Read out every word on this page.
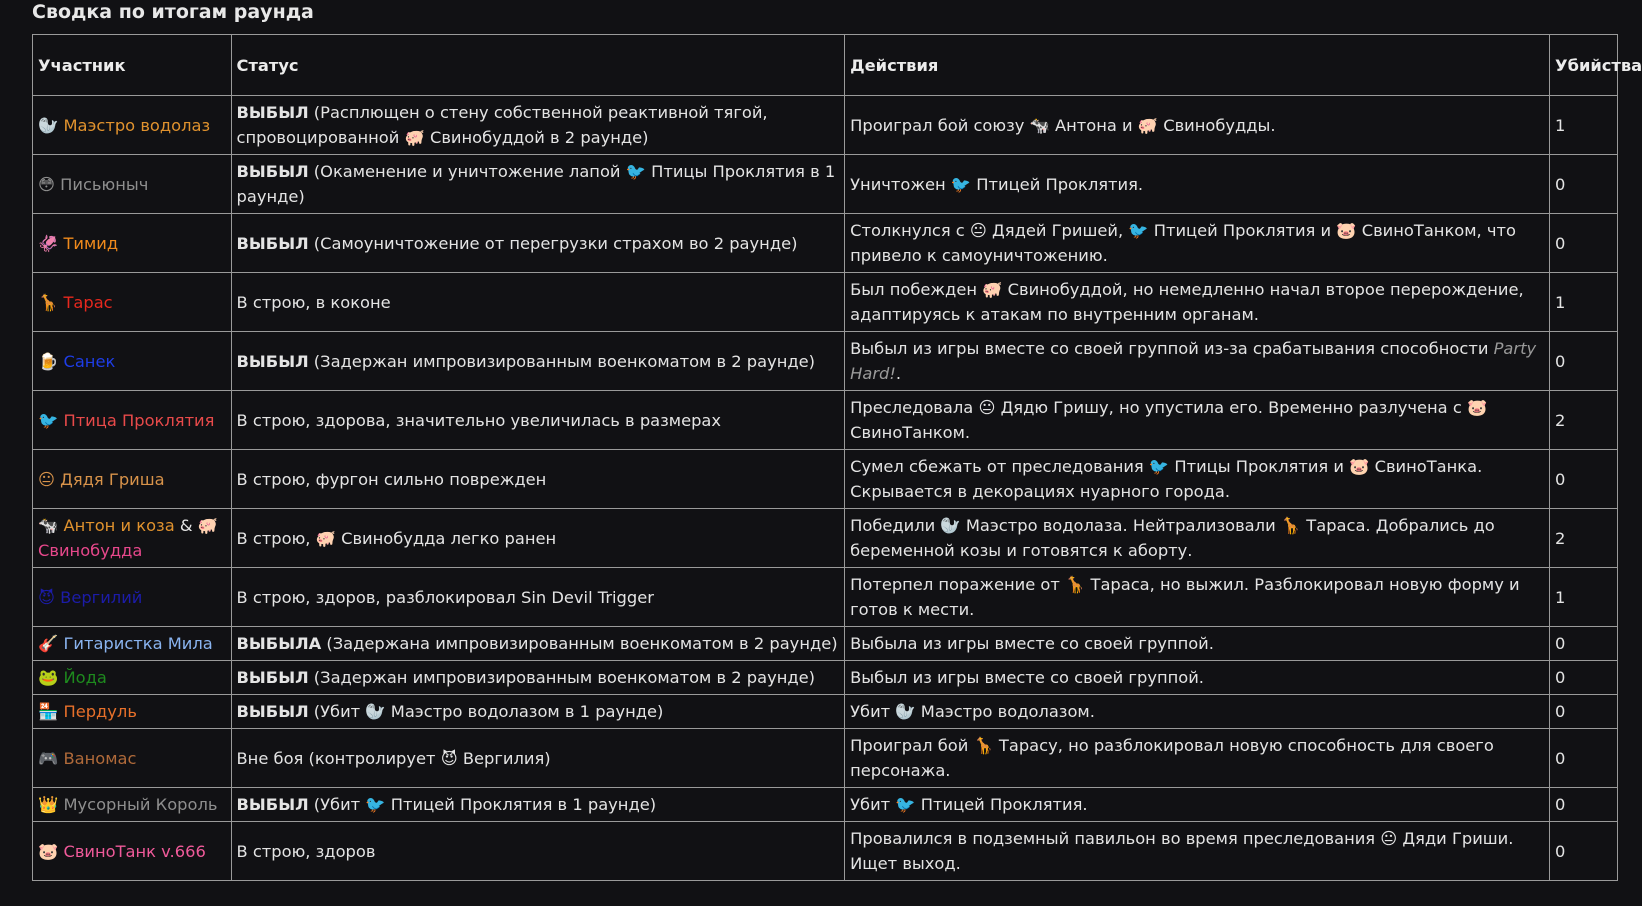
Сводка по итогам раунда
Участник	Статус	Действия	Убийства

🦭 Маэстро водолаз	ВЫБЫЛ (Расплющен о стену собственной реактивной тягой, спровоцированной 🐖 Свинобуддой в 2 раунде)	Проиграл бой союзу 🐄 Антона и 🐖 Свинобудды.	1

😳 Письюныч	ВЫБЫЛ (Окаменение и уничтожение лапой 🐦 Птицы Проклятия в 1 раунде)	Уничтожен 🐦 Птицей Проклятия.	0

🦑 Тимид	ВЫБЫЛ (Самоуничтожение от перегрузки страхом во 2 раунде)	Столкнулся с 😐 Дядей Гришей, 🐦 Птицей Проклятия и 🐷 СвиноТанком, что привело к самоуничтожению.	0

🦒 Тарас	В строю, в коконе	Был побежден 🐖 Свинобуддой, но немедленно начал второе перерождение, адаптируясь к атакам по внутренним органам.	1

🍺 Санек	ВЫБЫЛ (Задержан импровизированным военкоматом в 2 раунде)	Выбыл из игры вместе со своей группой из-за срабатывания способности Party Hard!.	0

🐦 Птица Проклятия	В строю, здорова, значительно увеличилась в размерах	Преследовала 😐 Дядю Гришу, но упустила его. Временно разлучена с 🐷 СвиноТанком.	2

😐 Дядя Гриша	В строю, фургон сильно поврежден	Сумел сбежать от преследования 🐦 Птицы Проклятия и 🐷 СвиноТанка. Скрывается в декорациях нуарного города.	0

🐄 Антон и коза & 🐖 Свинобудда	В строю, 🐖 Свинобудда легко ранен	Победили 🦭 Маэстро водолаза. Нейтрализовали 🦒 Тараса. Добрались до беременной козы и готовятся к аборту.	2

😈 Вергилий	В строю, здоров, разблокировал Sin Devil Trigger	Потерпел поражение от 🦒 Тараса, но выжил. Разблокировал новую форму и готов к мести.	1

🎸 Гитаристка Мила	ВЫБЫЛА (Задержана импровизированным военкоматом в 2 раунде)	Выбыла из игры вместе со своей группой.	0

🐸 Йода	ВЫБЫЛ (Задержан импровизированным военкоматом в 2 раунде)	Выбыл из игры вместе со своей группой.	0

🏪 Пердуль	ВЫБЫЛ (Убит 🦭 Маэстро водолазом в 1 раунде)	Убит 🦭 Маэстро водолазом.	0

🎮 Ваномас	Вне боя (контролирует 😈 Вергилия)	Проиграл бой 🦒 Тарасу, но разблокировал новую способность для своего персонажа.	0

👑 Мусорный Король	ВЫБЫЛ (Убит 🐦 Птицей Проклятия в 1 раунде)	Убит 🐦 Птицей Проклятия.	0

🐷 СвиноТанк v.666	В строю, здоров	Провалился в подземный павильон во время преследования 😐 Дяди Гриши. Ищет выход.	0
